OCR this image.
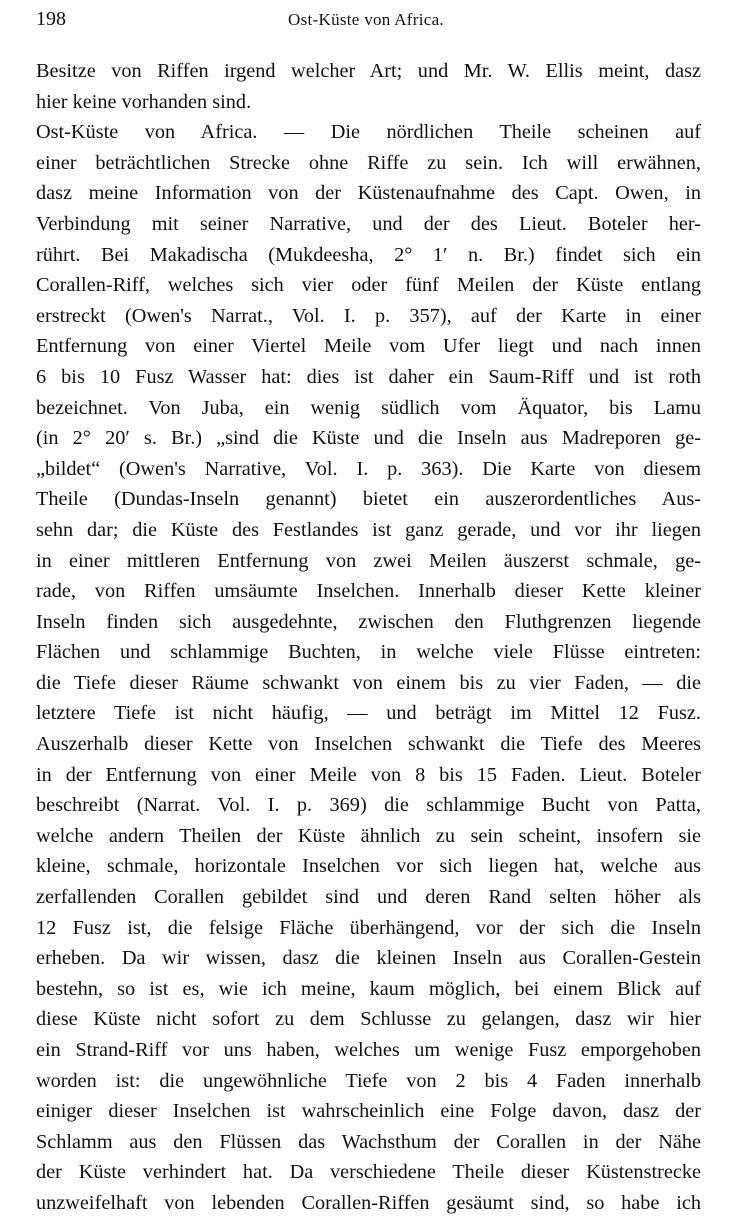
198	Ost-Küste von Africa.
Besitze von Riffen irgend welcher Art; und Mr. W. Ellis meint, dasz
hier keine vorhanden sind.
Ost-Küste von Africa. — Die nördlichen Theile scheinen auf
einer beträchtlichen Strecke ohne Riffe zu sein. Ich will erwähnen,
dasz meine Information von der Küstenaufnahme des Capt. Owen, in
Verbindung mit seiner Narrative, und der des Lieut. Boteler her-
rührt. Bei Makadischa (Mukdeesha, 2° 1′ n. Br.) findet sich ein
Corallen-Riff, welches sich vier oder fünf Meilen der Küste entlang
erstreckt (Owen's Narrat., Vol. I. p. 357), auf der Karte in einer
Entfernung von einer Viertel Meile vom Ufer liegt und nach innen
6 bis 10 Fusz Wasser hat: dies ist daher ein Saum-Riff und ist roth
bezeichnet. Von Juba, ein wenig südlich vom Äquator, bis Lamu
(in 2° 20′ s. Br.) „sind die Küste und die Inseln aus Madreporen ge-
„bildet“ (Owen's Narrative, Vol. I. p. 363). Die Karte von diesem
Theile (Dundas-Inseln genannt) bietet ein auszerordentliches Aus-
sehn dar; die Küste des Festlandes ist ganz gerade, und vor ihr liegen
in einer mittleren Entfernung von zwei Meilen äuszerst schmale, ge-
rade, von Riffen umsäumte Inselchen. Innerhalb dieser Kette kleiner
Inseln finden sich ausgedehnte, zwischen den Fluthgrenzen liegende
Flächen und schlammige Buchten, in welche viele Flüsse eintreten:
die Tiefe dieser Räume schwankt von einem bis zu vier Faden, — die
letztere Tiefe ist nicht häufig, — und beträgt im Mittel 12 Fusz.
Auszerhalb dieser Kette von Inselchen schwankt die Tiefe des Meeres
in der Entfernung von einer Meile von 8 bis 15 Faden. Lieut. Boteler
beschreibt (Narrat. Vol. I. p. 369) die schlammige Bucht von Patta,
welche andern Theilen der Küste ähnlich zu sein scheint, insofern sie
kleine, schmale, horizontale Inselchen vor sich liegen hat, welche aus
zerfallenden Corallen gebildet sind und deren Rand selten höher als
12 Fusz ist, die felsige Fläche überhängend, vor der sich die Inseln
erheben. Da wir wissen, dasz die kleinen Inseln aus Corallen-Gestein
bestehn, so ist es, wie ich meine, kaum möglich, bei einem Blick auf
diese Küste nicht sofort zu dem Schlusse zu gelangen, dasz wir hier
ein Strand-Riff vor uns haben, welches um wenige Fusz emporgehoben
worden ist: die ungewöhnliche Tiefe von 2 bis 4 Faden innerhalb
einiger dieser Inselchen ist wahrscheinlich eine Folge davon, dasz der
Schlamm aus den Flüssen das Wachsthum der Corallen in der Nähe
der Küste verhindert hat. Da verschiedene Theile dieser Küstenstrecke
unzweifelhaft von lebenden Corallen-Riffen gesäumt sind, so habe ich
